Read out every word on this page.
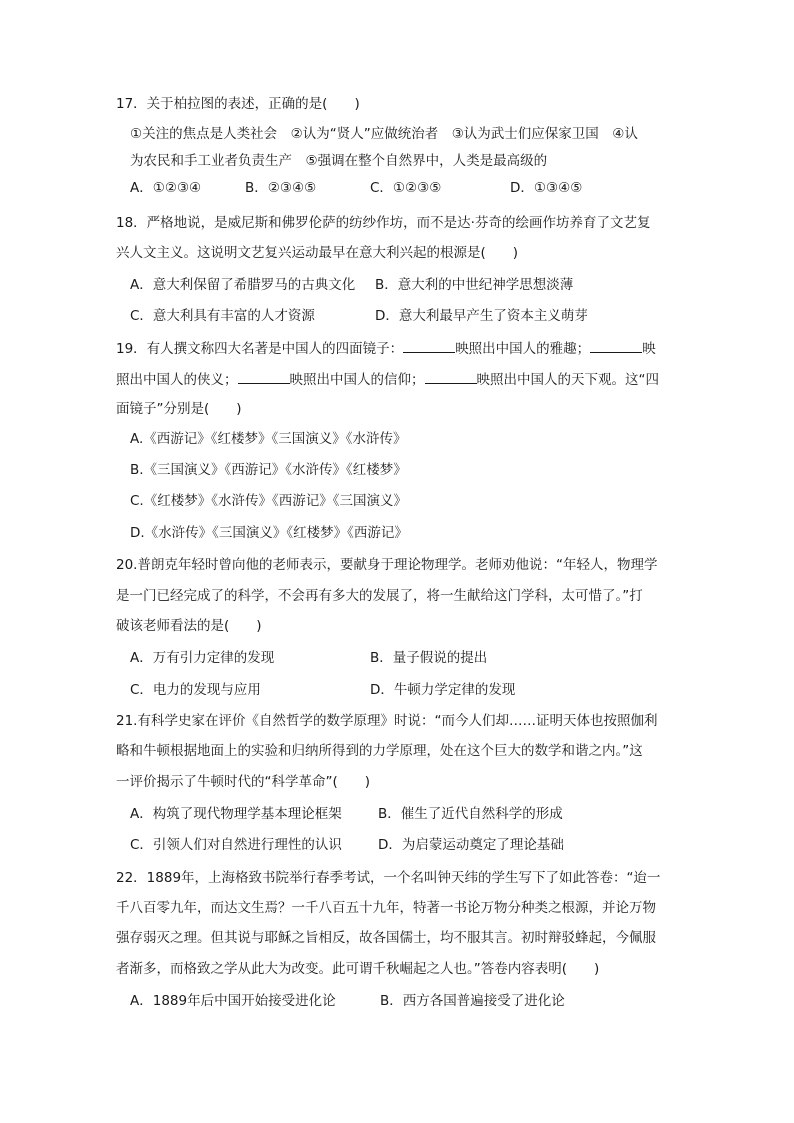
17．关于柏拉图的表述，正确的是(　　)
①关注的焦点是人类社会　②认为“贤人”应做统治者　③认为武士们应保家卫国　④认
为农民和手工业者负责生产　⑤强调在整个自然界中，人类是最高级的
A．①②③④	B．②③④⑤	C．①②③⑤	D．①③④⑤
18．严格地说，是威尼斯和佛罗伦萨的纺纱作坊，而不是达·芬奇的绘画作坊养育了文艺复
兴人文主义。这说明文艺复兴运动最早在意大利兴起的根源是(　　)
A．意大利保留了希腊罗马的古典文化 B．意大利的中世纪神学思想淡薄
C．意大利具有丰富的人才资源	D．意大利最早产生了资本主义萌芽
19．有人撰文称四大名著是中国人的四面镜子：	映照出中国人的雅趣；	映
照出中国人的侠义；	映照出中国人的信仰；	映照出中国人的天下观。这“四
面镜子”分别是(　　)
A.《西游记》《红楼梦》《三国演义》《水浒传》
B.《三国演义》《西游记》《水浒传》《红楼梦》
C.《红楼梦》《水浒传》《西游记》《三国演义》
D.《水浒传》《三国演义》《红楼梦》《西游记》
20.普朗克年轻时曾向他的老师表示，要献身于理论物理学。老师劝他说：“年轻人，物理学
是一门已经完成了的科学，不会再有多大的发展了，将一生献给这门学科，太可惜了。”打
破该老师看法的是(　　)
A．万有引力定律的发现	B．量子假说的提出
C．电力的发现与应用	D．牛顿力学定律的发现
21.有科学史家在评价《自然哲学的数学原理》时说：“而今人们却……证明天体也按照伽利
略和牛顿根据地面上的实验和归纳所得到的力学原理，处在这个巨大的数学和谐之内。”这
一评价揭示了牛顿时代的“科学革命”(　　)
A．构筑了现代物理学基本理论框架	B．催生了近代自然科学的形成
C．引领人们对自然进行理性的认识	D．为启蒙运动奠定了理论基础
22．1889年，上海格致书院举行春季考试，一个名叫钟天纬的学生写下了如此答卷：“迨一
千八百零九年，而达文生焉？一千八百五十九年，特著一书论万物分种类之根源，并论万物
强存弱灭之理。但其说与耶稣之旨相反，故各国儒士，均不服其言。初时辩驳蜂起，今佩服
者渐多，而格致之学从此大为改变。此可谓千秋崛起之人也。”答卷内容表明(　　)
A．1889年后中国开始接受进化论	B．西方各国普遍接受了进化论
